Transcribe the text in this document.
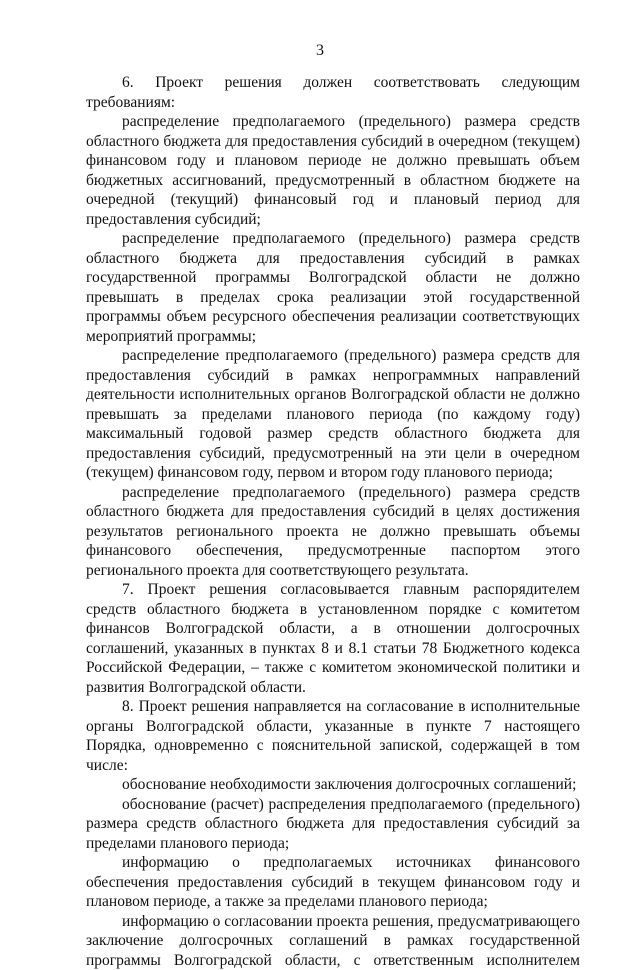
3

6. Проект решения должен соответствовать следующим требованиям:

распределение предполагаемого (предельного) размера средств областного бюджета для предоставления субсидий в очередном (текущем) финансовом году и плановом периоде не должно превышать объем бюджетных ассигнований, предусмотренный в областном бюджете на очередной (текущий) финансовый год и плановый период для предоставления субсидий;

распределение предполагаемого (предельного) размера средств областного бюджета для предоставления субсидий в рамках государственной программы Волгоградской области не должно превышать в пределах срока реализации этой государственной программы объем ресурсного обеспечения реализации соответствующих мероприятий программы;

распределение предполагаемого (предельного) размера средств для предоставления субсидий в рамках непрограммных направлений деятельности исполнительных органов Волгоградской области не должно превышать за пределами планового периода (по каждому году) максимальный годовой размер средств областного бюджета для предоставления субсидий, предусмотренный на эти цели в очередном (текущем) финансовом году, первом и втором году планового периода;

распределение предполагаемого (предельного) размера средств областного бюджета для предоставления субсидий в целях достижения результатов регионального проекта не должно превышать объемы финансового обеспечения, предусмотренные паспортом этого регионального проекта для соответствующего результата.

7. Проект решения согласовывается главным распорядителем средств областного бюджета в установленном порядке с комитетом финансов Волгоградской области, а в отношении долгосрочных соглашений, указанных в пунктах 8 и 8.1 статьи 78 Бюджетного кодекса Российской Федерации, – также с комитетом экономической политики и развития Волгоградской области.

8. Проект решения направляется на согласование в исполнительные органы Волгоградской области, указанные в пункте 7 настоящего Порядка, одновременно с пояснительной запиской, содержащей в том числе:

обоснование необходимости заключения долгосрочных соглашений;

обоснование (расчет) распределения предполагаемого (предельного) размера средств областного бюджета для предоставления субсидий за пределами планового периода;

информацию о предполагаемых источниках финансового обеспечения предоставления субсидий в текущем финансовом году и плановом периоде, а также за пределами планового периода;

информацию о согласовании проекта решения, предусматривающего заключение долгосрочных соглашений в рамках государственной программы Волгоградской области, с ответственным исполнителем
